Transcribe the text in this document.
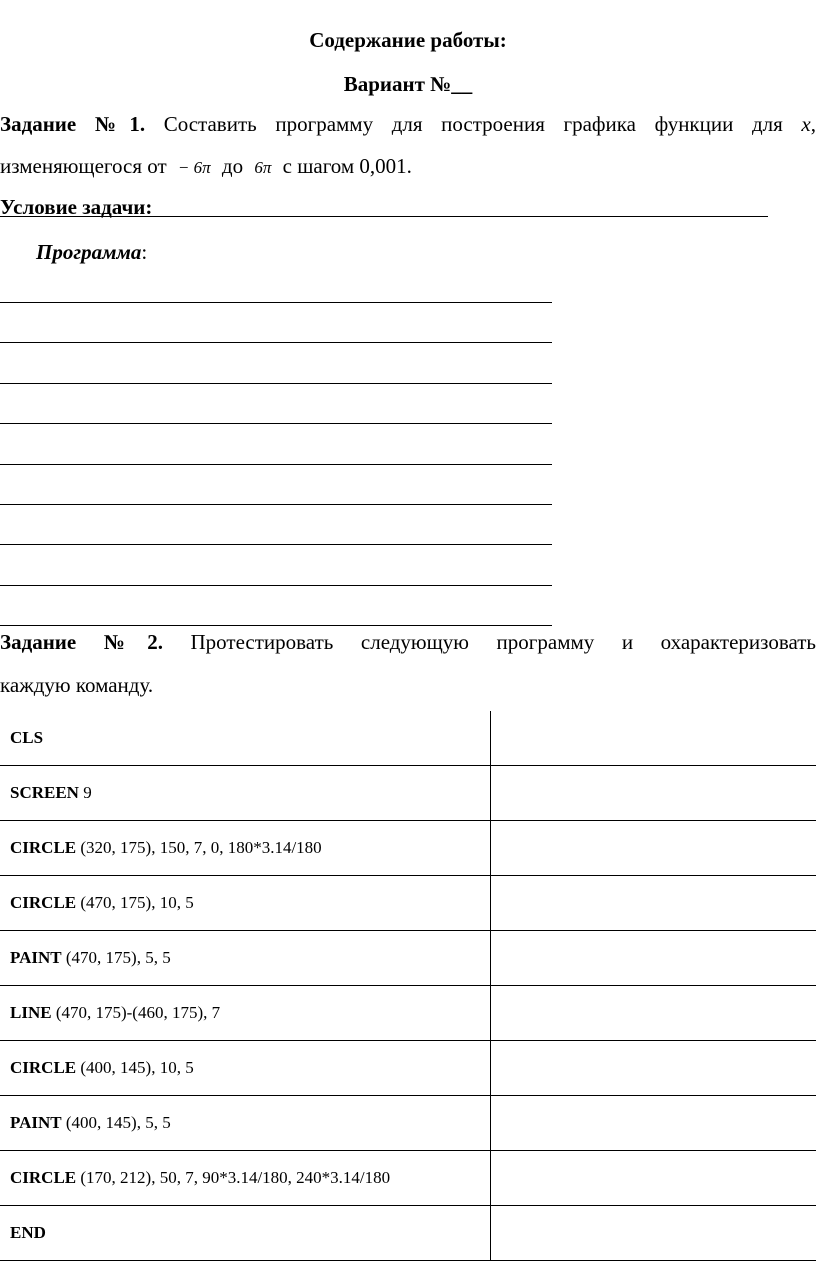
Содержание работы:
Вариант №__
Задание №1. Составить программу для построения графика функции для x,
изменяющегося от − 6π до 6π с шагом 0,001.
Условие задачи:
Программа:
Задание №2. Протестировать следующую программу и охарактеризовать
каждую команду.
CLS	
SCREEN 9	
CIRCLE (320, 175), 150, 7, 0, 180*3.14/180	
CIRCLE (470, 175), 10, 5	
PAINT (470, 175), 5, 5	
LINE (470, 175)-(460, 175), 7	
CIRCLE (400, 145), 10, 5	
PAINT (400, 145), 5, 5	
CIRCLE (170, 212), 50, 7, 90*3.14/180, 240*3.14/180	
END	
